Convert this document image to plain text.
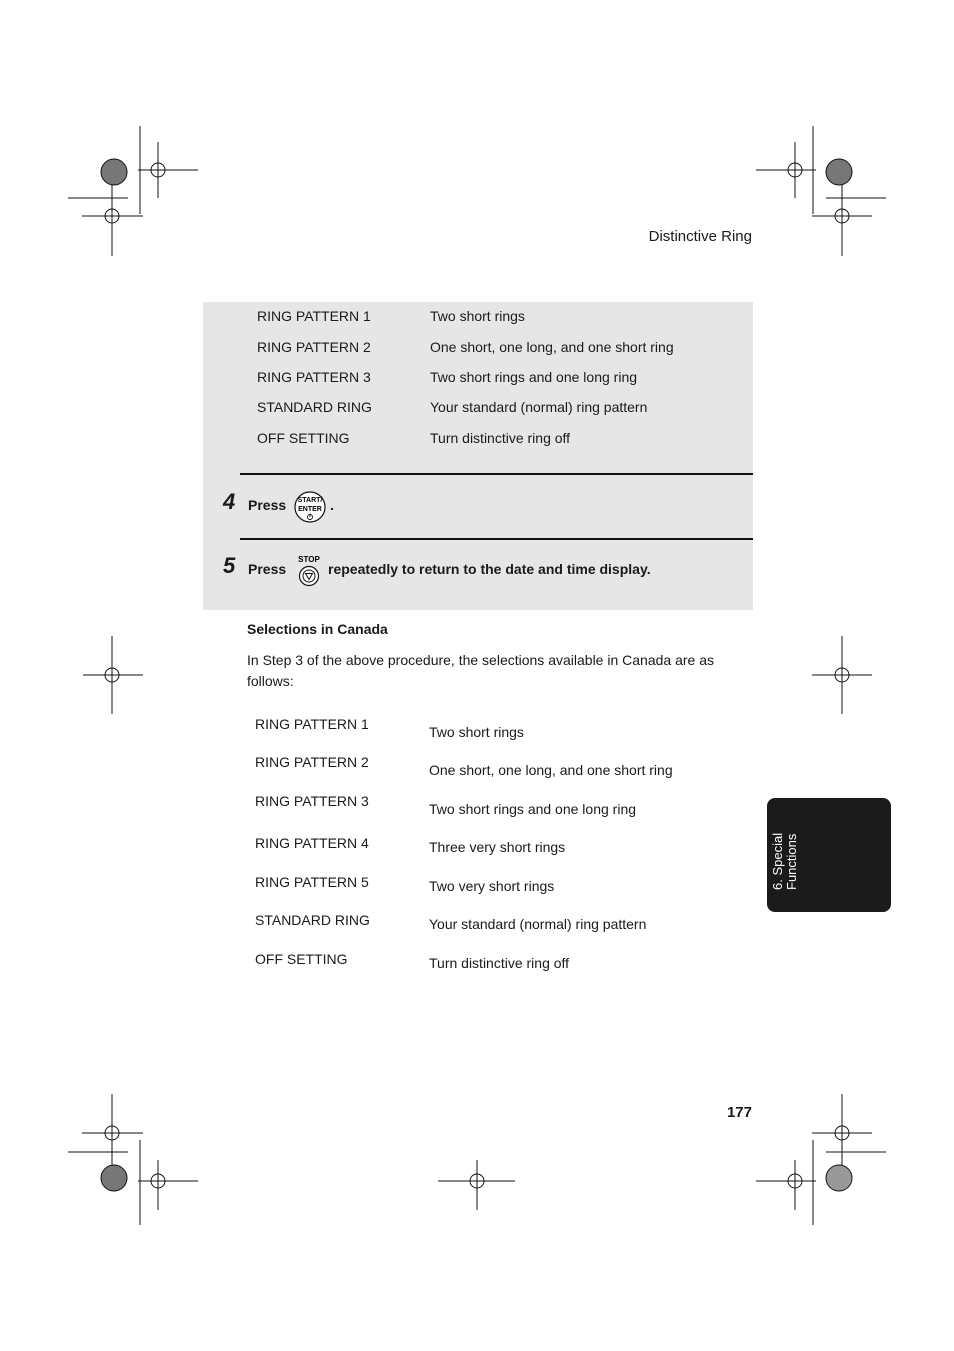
Distinctive Ring
RING PATTERN 1	Two short rings
RING PATTERN 2	One short, one long, and one short ring
RING PATTERN 3	Two short rings and one long ring
STANDARD RING	Your standard (normal) ring pattern
OFF SETTING	Turn distinctive ring off
4 Press START/
ENTER .
5 Press
STOP
repeatedly to return to the date and time display.
Selections in Canada
In Step 3 of the above procedure, the selections available in Canada are as follows:
RING PATTERN 1	Two short rings
RING PATTERN 2	One short, one long, and one short ring
RING PATTERN 3	Two short rings and one long ring
RING PATTERN 4	Three very short rings
RING PATTERN 5	Two very short rings
STANDARD RING	Your standard (normal) ring pattern
OFF SETTING	Turn distinctive ring off
6. Special
Functions
177
